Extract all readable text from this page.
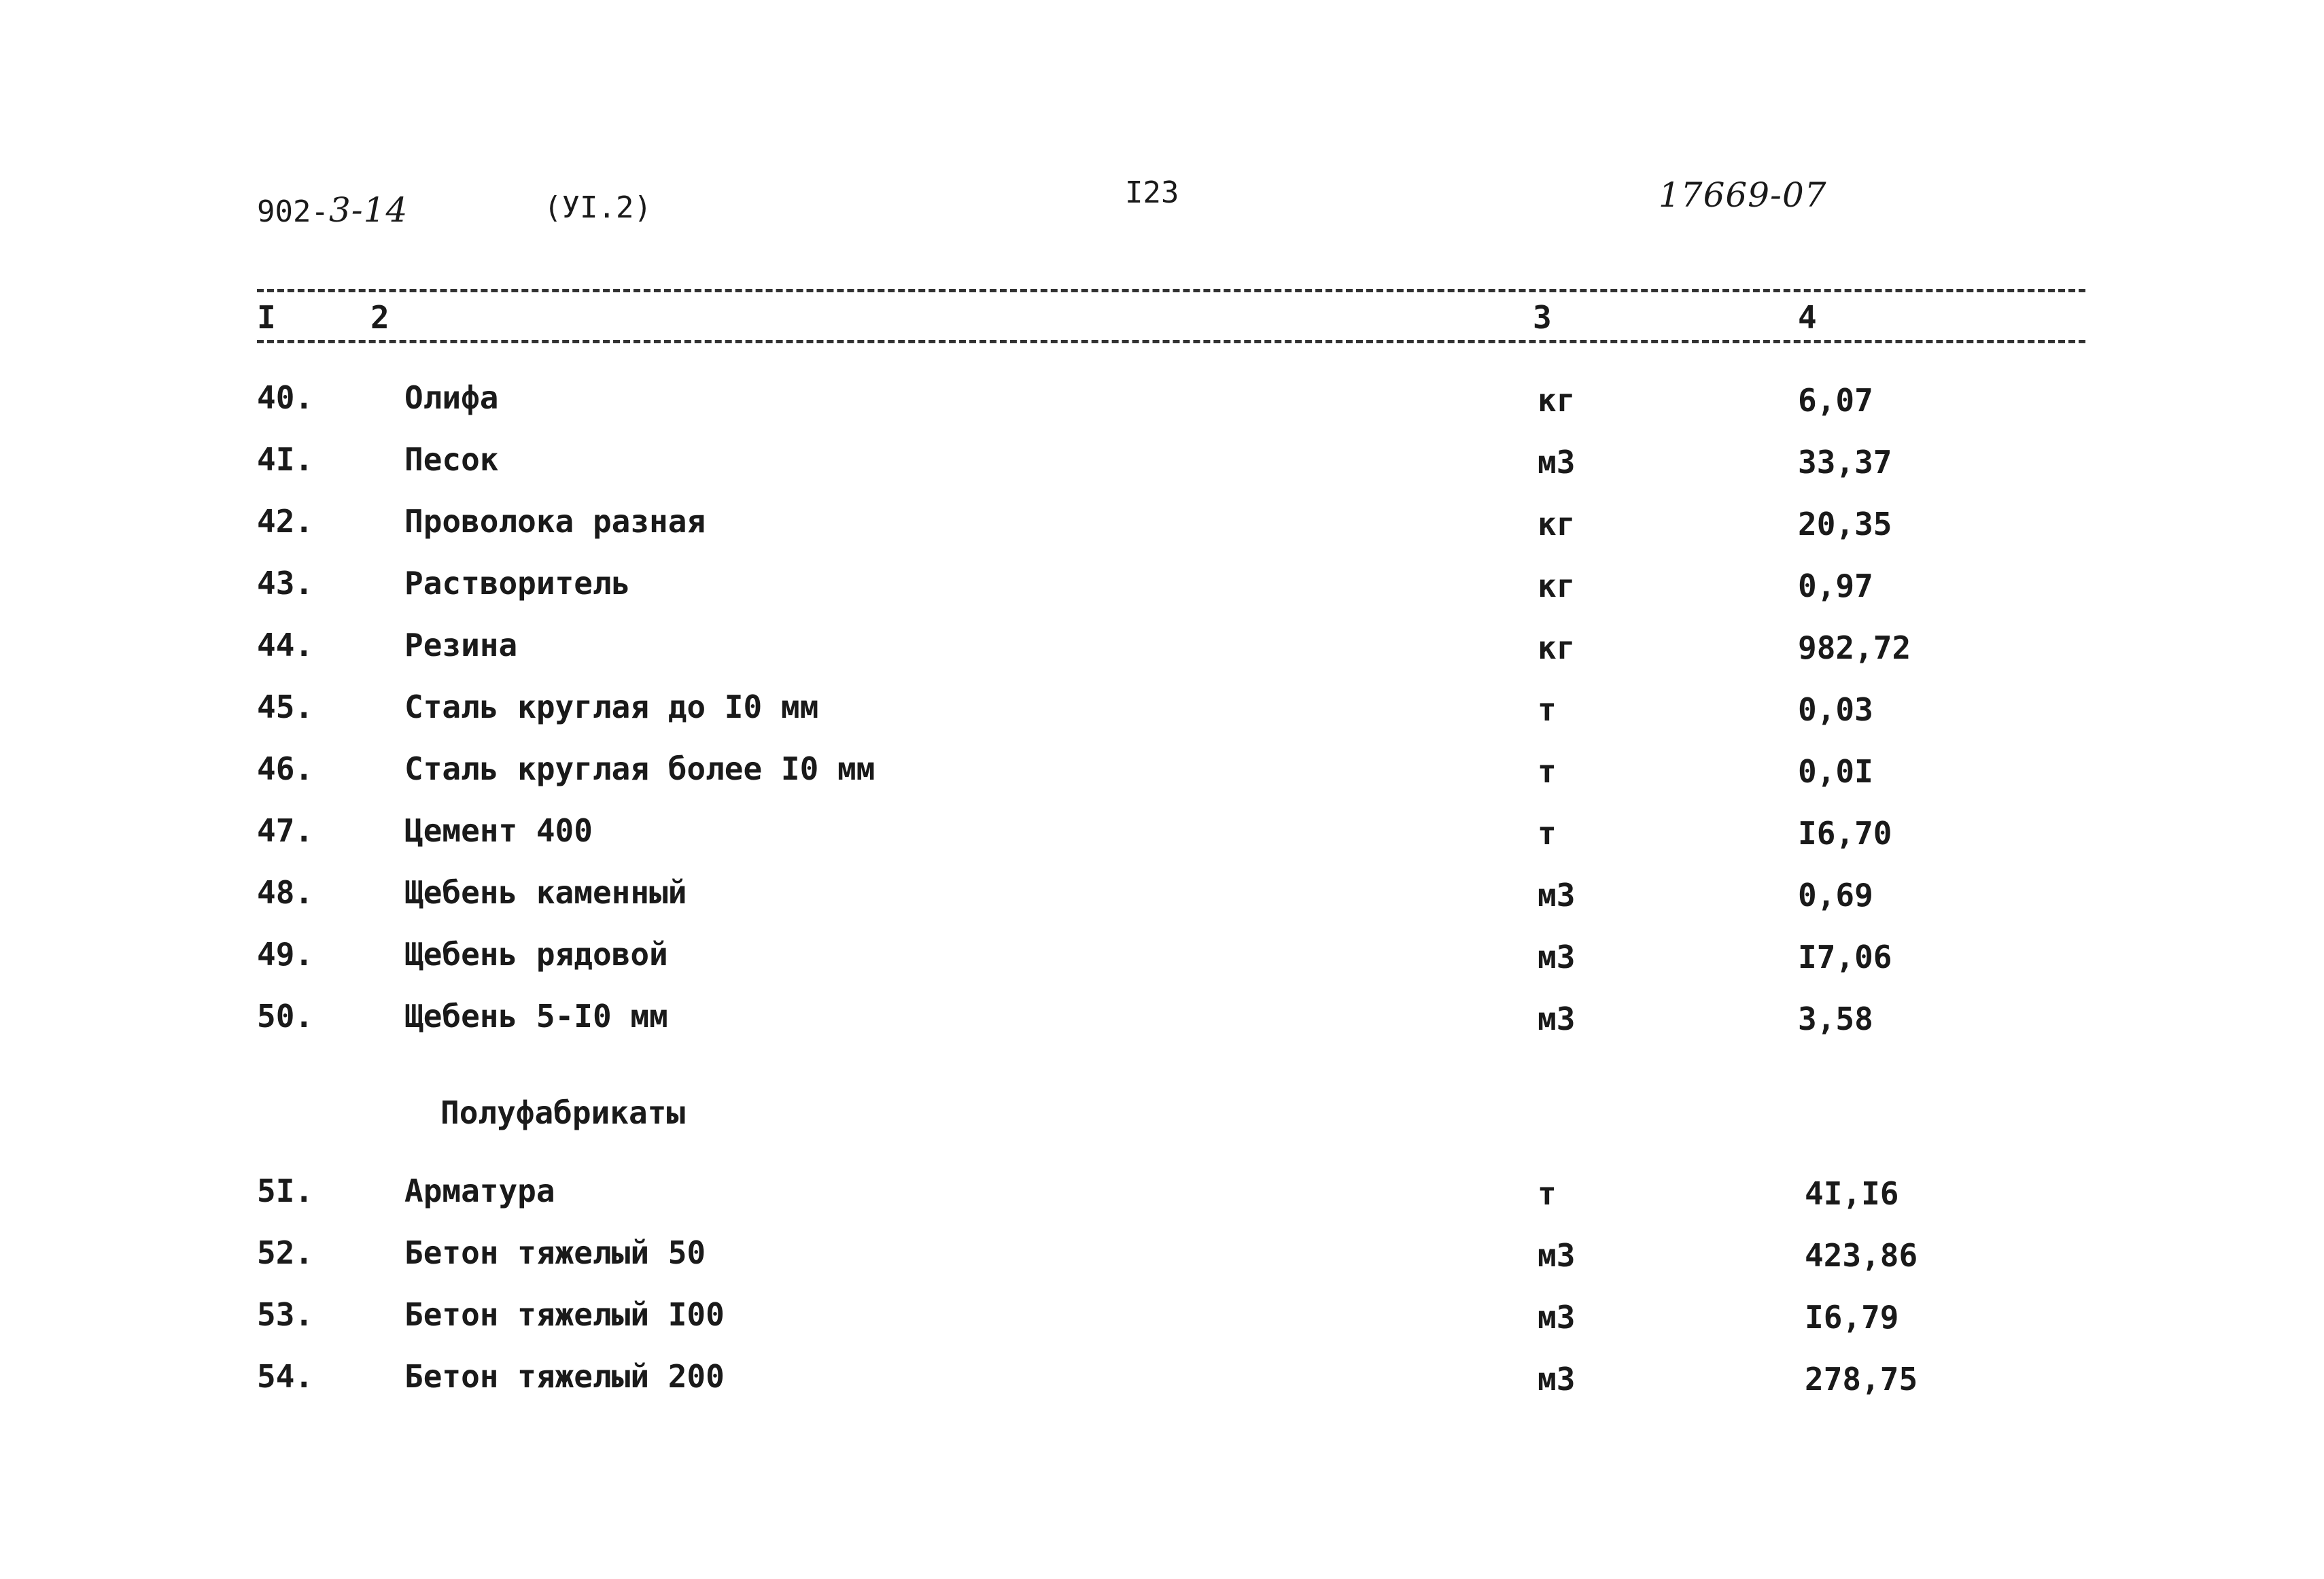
902-3-14	(УI.2)	I23	17669-07
I	2	3	4
40.	Олифа	кг	6,07
4I.	Песок	м3	33,37
42.	Проволока разная	кг	20,35
43.	Растворитель	кг	0,97
44.	Резина	кг	982,72
45.	Сталь круглая до I0 мм	т	0,03
46.	Сталь круглая более I0 мм	т	0,0I
47.	Цемент 400	т	I6,70
48.	Щебень каменный	м3	0,69
49.	Щебень рядовой	м3	I7,06
50.	Щебень 5-I0 мм	м3	3,58
Полуфабрикаты
5I.	Арматура	т	4I,I6
52.	Бетон тяжелый 50	м3	423,86
53.	Бетон тяжелый I00	м3	I6,79
54.	Бетон тяжелый 200	м3	278,75
